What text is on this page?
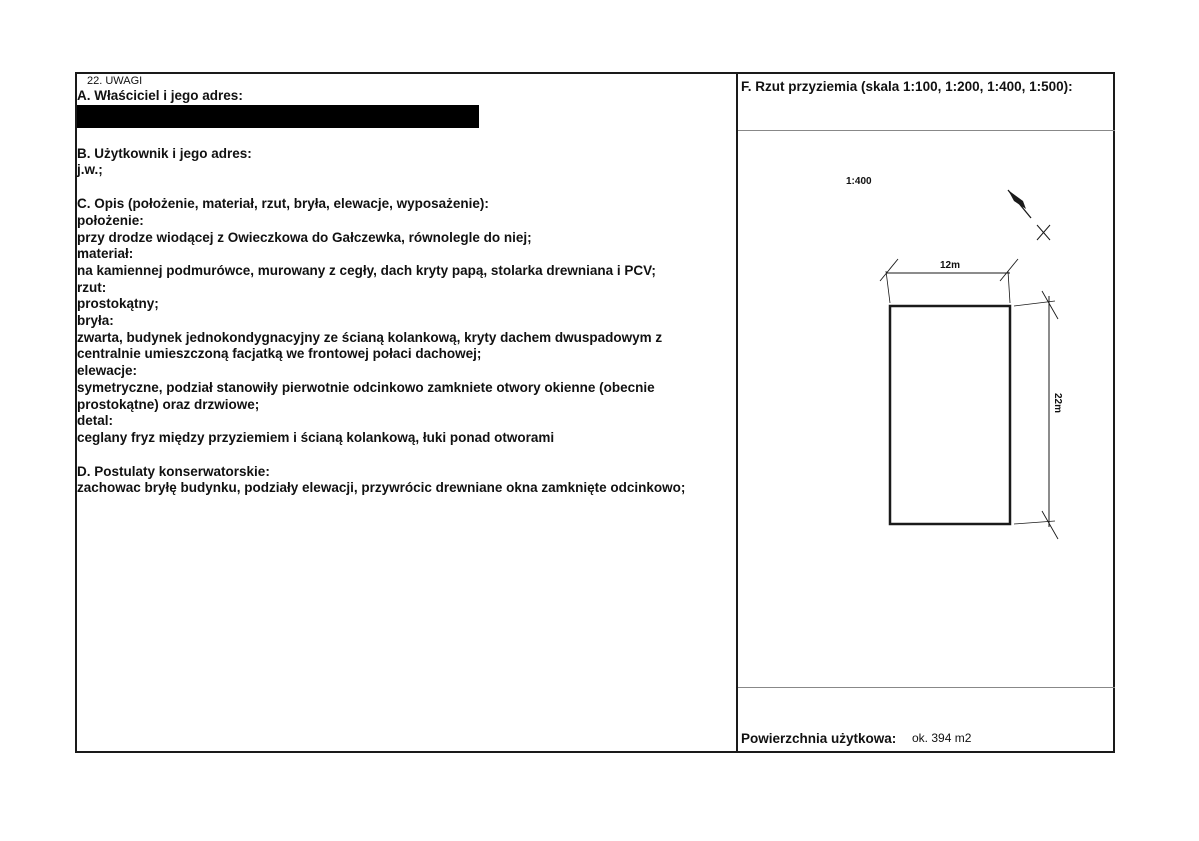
22. UWAGI
A. Właściciel i jego adres:
B. Użytkownik i jego adres:
j.w.;
C. Opis (położenie, materiał, rzut, bryła, elewacje, wyposażenie):
położenie:
przy drodze wiodącej z Owieczkowa do Gałczewka, równolegle do niej;
materiał:
na kamiennej podmurówce, murowany z cegły, dach kryty papą, stolarka drewniana i PCV;
rzut:
prostokątny;
bryła:
zwarta, budynek jednokondygnacyjny ze ścianą kolankową, kryty dachem dwuspadowym z
centralnie umieszczoną facjatką we frontowej połaci dachowej;
elewacje:
symetryczne, podział stanowiły pierwotnie odcinkowo zamkniete otwory okienne (obecnie
prostokątne) oraz drzwiowe;
detal:
ceglany fryz między przyziemiem i ścianą kolankową, łuki ponad otworami
D. Postulaty konserwatorskie:
zachowac bryłę budynku, podziały elewacji, przywrócic drewniane okna zamknięte odcinkowo;
F. Rzut przyziemia (skala 1:100, 1:200, 1:400, 1:500):
1:400
12m
22m
Powierzchnia użytkowa: ok. 394 m2
